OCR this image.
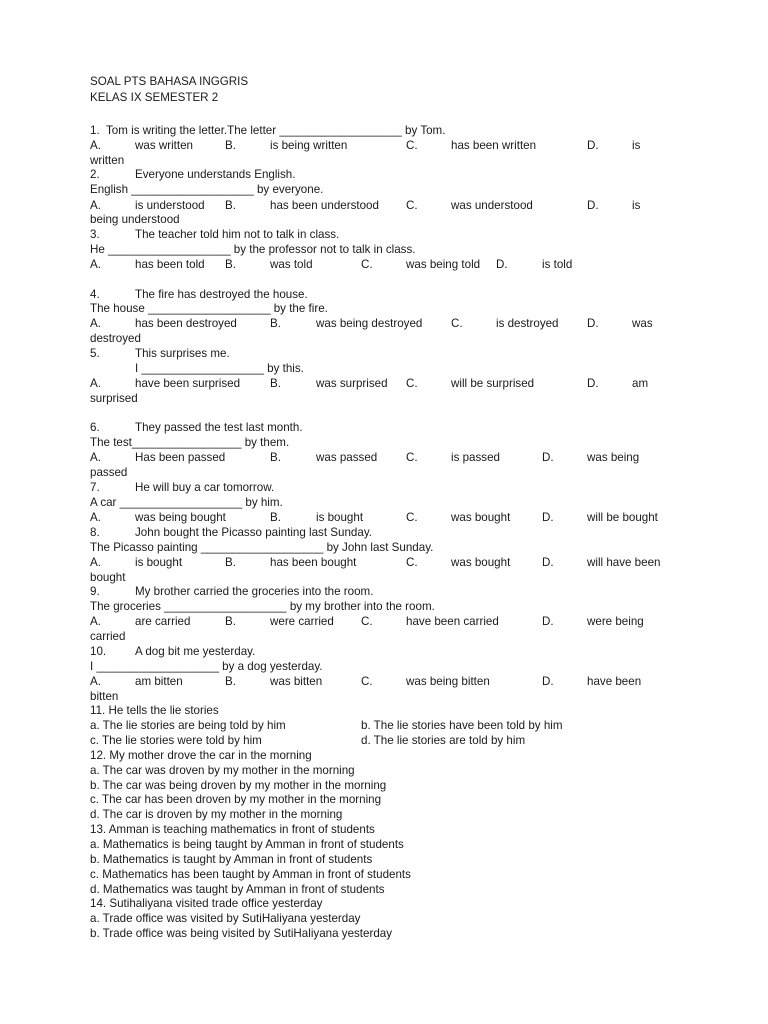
SOAL PTS BAHASA INGGRIS
KELAS IX SEMESTER 2
1. Tom is writing the letter.The letter ___________________ by Tom.
A.	was written	B.	is being written	C.	has been written	D.	is
written
2.	Everyone understands English.
English ___________________ by everyone.
A.	is understood B.	has been understood C.	was understood	D.	is
being understood
3.	The teacher told him not to talk in class.
He ___________________ by the professor not to talk in class.
A.	has been told B.	was told	C.	was being told D.	is told
4.	The fire has destroyed the house.
The house ___________________ by the fire.
A.	has been destroyed	B.	was being destroyed C.	is destroyed D.	was
destroyed
5.	This surprises me.
I ___________________ by this.
A.	have been surprised	B.	was surprised C.	will be surprised	D.	am
surprised
6.	They passed the test last month.
The test_________________ by them.
A.	Has been passed	B.	was passed C.	is passed	D.	was being
passed
7.	He will buy a car tomorrow.
A car ___________________ by him.
A.	was being bought	B.	is bought	C.	was bought	D.	will be bought
8.	John bought the Picasso painting last Sunday.
The Picasso painting ___________________ by John last Sunday.
A.	is bought	B.	has been bought	C.	was bought	D.	will have been
bought
9.	My brother carried the groceries into the room.
The groceries ___________________ by my brother into the room.
A.	are carried	B.	were carried C.	have been carried	D.	were being
carried
10. A dog bit me yesterday.
I ___________________ by a dog yesterday.
A.	am bitten	B.	was bitten	C.	was being bitten	D.	have been
bitten
11. He tells the lie stories
a. The lie stories are being told by him	b. The lie stories have been told by him
c. The lie stories were told by him	d. The lie stories are told by him
12. My mother drove the car in the morning
a. The car was droven by my mother in the morning
b. The car was being droven by my mother in the morning
c. The car has been droven by my mother in the morning
d. The car is droven by my mother in the morning
13. Amman is teaching mathematics in front of students
a. Mathematics is being taught by Amman in front of students
b. Mathematics is taught by Amman in front of students
c. Mathematics has been taught by Amman in front of students
d. Mathematics was taught by Amman in front of students
14. Sutihaliyana visited trade office yesterday
a. Trade office was visited by SutiHaliyana yesterday
b. Trade office was being visited by SutiHaliyana yesterday
